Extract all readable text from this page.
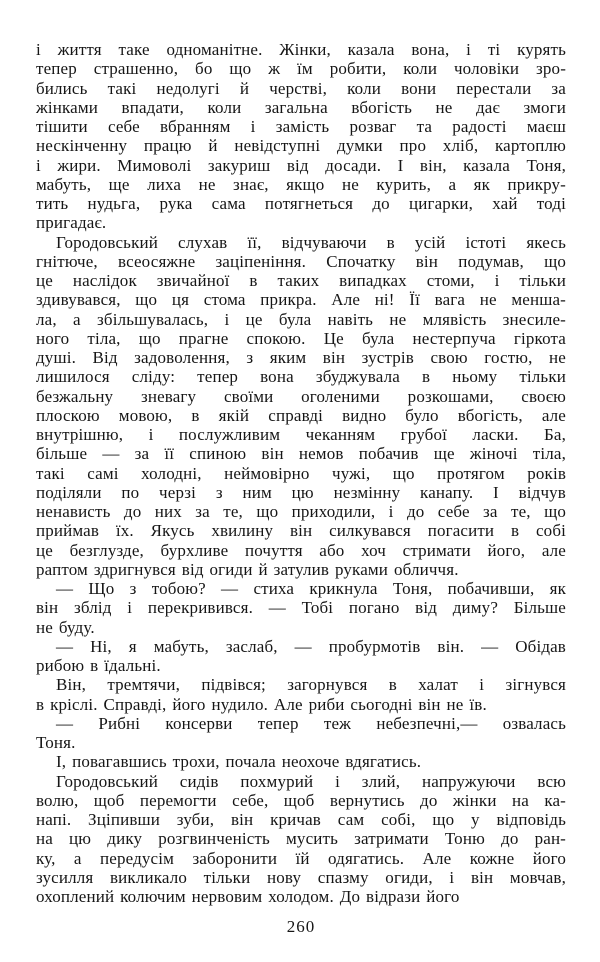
і життя таке одноманітне. Жінки, казала вона, і ті курять
тепер страшенно, бо що ж їм робити, коли чоловіки зро-
бились такі недолугі й черстві, коли вони перестали за
жінками впадати, коли загальна вбогість не дає змоги
тішити себе вбранням і замість розваг та радості маєш
нескінченну працю й невідступні думки про хліб, картоплю
і жири. Мимоволі закуриш від досади. І він, казала Тоня,
мабуть, ще лиха не знає, якщо не курить, а як прикру-
тить нудьга, рука сама потягнеться до цигарки, хай тоді
пригадає.
Городовський слухав її, відчуваючи в усій істоті якесь
гнітюче, всеосяжне заціпеніння. Спочатку він подумав, що
це наслідок звичайної в таких випадках стоми, і тільки
здивувався, що ця стома прикра. Але ні! Її вага не менша-
ла, а збільшувалась, і це була навіть не млявість знесиле-
ного тіла, що прагне спокою. Це була нестерпуча гіркота
душі. Від задоволення, з яким він зустрів свою гостю, не
лишилося сліду: тепер вона збуджувала в ньому тільки
безжальну зневагу своїми оголеними розкошами, своєю
плоскою мовою, в якій справді видно було вбогість, але
внутрішню, і послужливим чеканням грубої ласки. Ба,
більше — за її спиною він немов побачив ще жіночі тіла,
такі самі холодні, неймовірно чужі, що протягом років
поділяли по черзі з ним цю незмінну канапу. І відчув
ненависть до них за те, що приходили, і до себе за те, що
приймав їх. Якусь хвилину він силкувався погасити в собі
це безглузде, бурхливе почуття або хоч стримати його, але
раптом здригнувся від огиди й затулив руками обличчя.
— Що з тобою? — стиха крикнула Тоня, побачивши, як
він зблід і перекривився. — Тобі погано від диму? Більше
не буду.
— Ні, я мабуть, заслаб, — пробурмотів він. — Обідав
рибою в їдальні.
Він, тремтячи, підвівся; загорнувся в халат і зігнувся
в кріслі. Справді, його нудило. Але риби сьогодні він не їв.
— Рибні консерви тепер теж небезпечні,— озвалась
Тоня.
І, повагавшись трохи, почала неохоче вдягатись.
Городовський сидів похмурий і злий, напружуючи всю
волю, щоб перемогти себе, щоб вернутись до жінки на ка-
напі. Зціпивши зуби, він кричав сам собі, що у відповідь
на цю дику розгвинченість мусить затримати Тоню до ран-
ку, а передусім заборонити їй одягатись. Але кожне його
зусилля викликало тільки нову спазму огиди, і він мовчав,
охоплений колючим нервовим холодом. До відрази його
260
